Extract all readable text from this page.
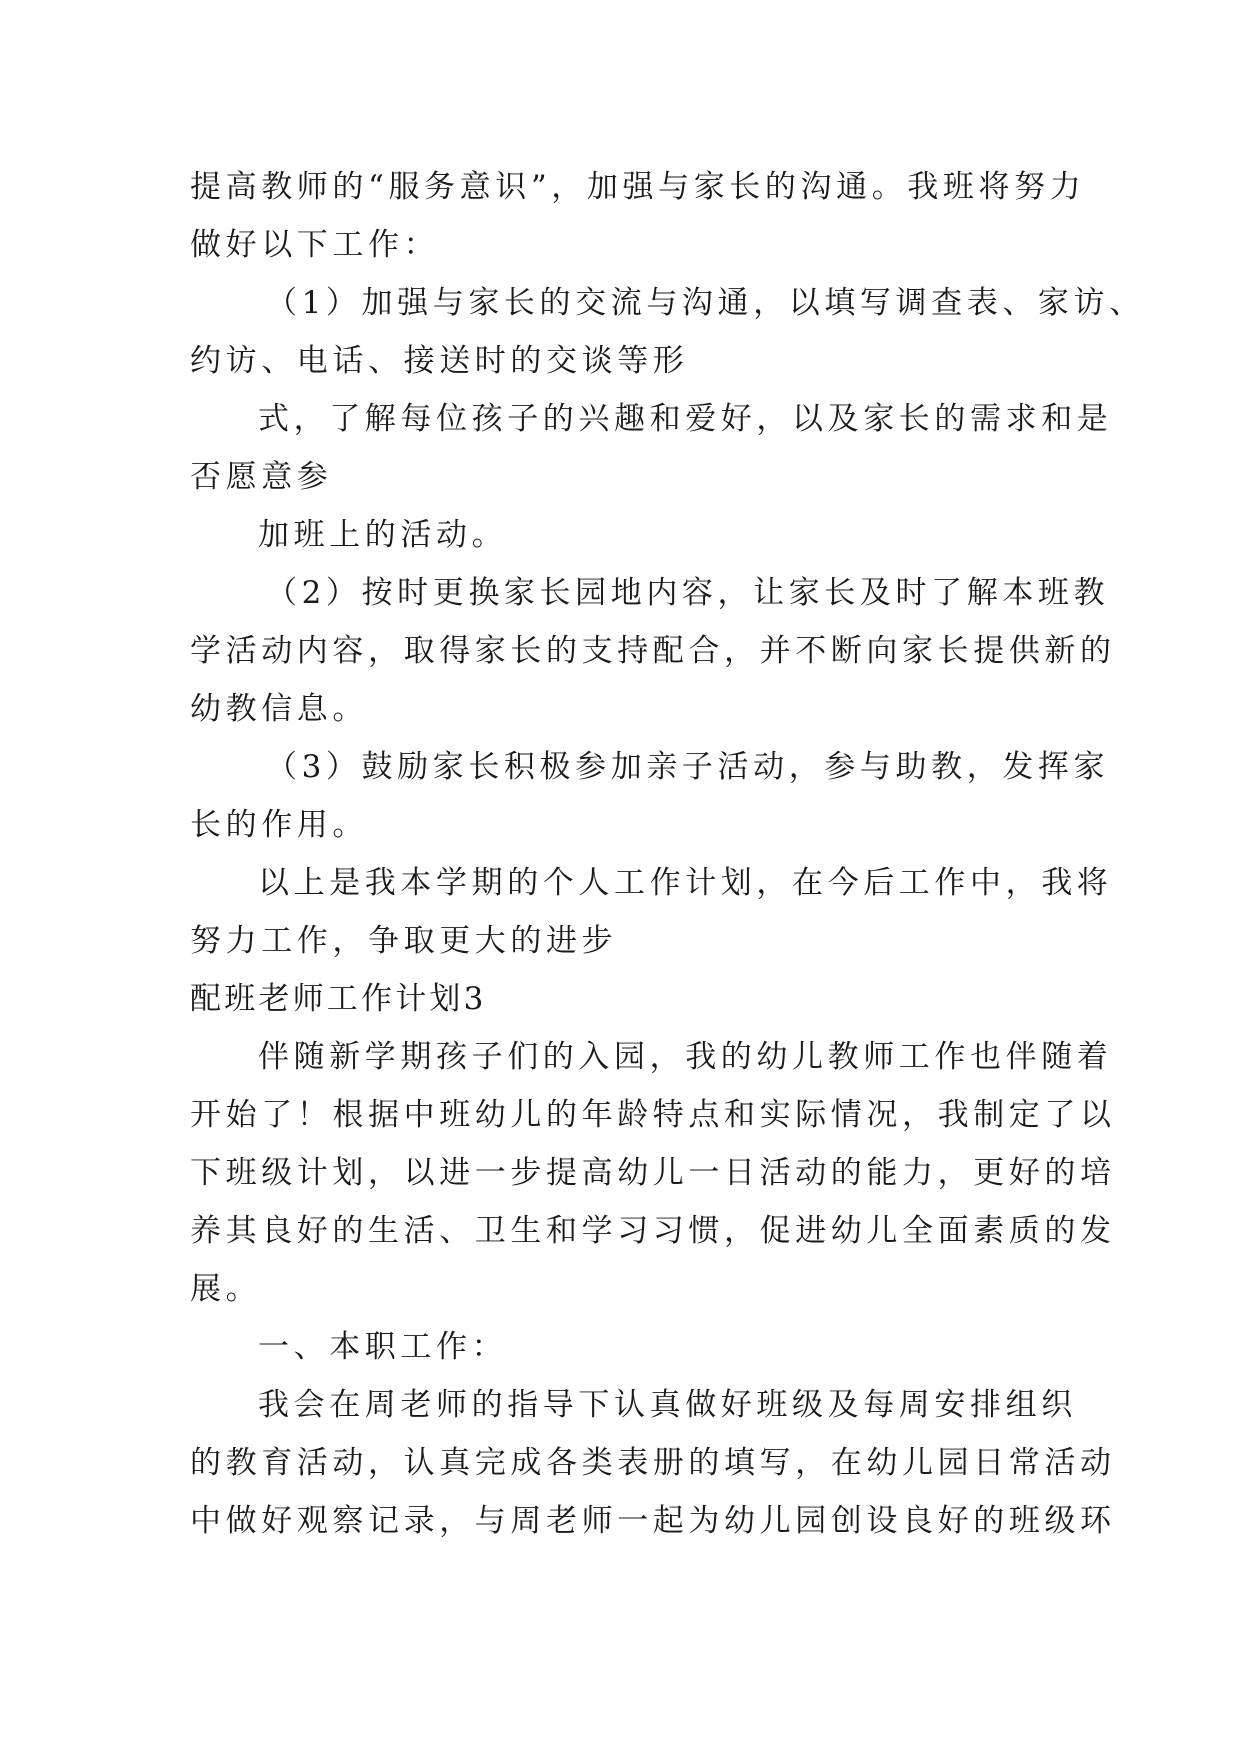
提高教师的“服务意识”，加强与家长的沟通。我班将努力
做好以下工作：
（1）加强与家长的交流与沟通，以填写调查表、家访、
约访、电话、接送时的交谈等形
式，了解每位孩子的兴趣和爱好，以及家长的需求和是
否愿意参
加班上的活动。
（2）按时更换家长园地内容，让家长及时了解本班教
学活动内容，取得家长的支持配合，并不断向家长提供新的
幼教信息。
（3）鼓励家长积极参加亲子活动，参与助教，发挥家
长的作用。
以上是我本学期的个人工作计划，在今后工作中，我将
努力工作，争取更大的进步
配班老师工作计划3
伴随新学期孩子们的入园，我的幼儿教师工作也伴随着
开始了！根据中班幼儿的年龄特点和实际情况，我制定了以
下班级计划，以进一步提高幼儿一日活动的能力，更好的培
养其良好的生活、卫生和学习习惯，促进幼儿全面素质的发
展。
一、本职工作：
我会在周老师的指导下认真做好班级及每周安排组织
的教育活动，认真完成各类表册的填写，在幼儿园日常活动
中做好观察记录，与周老师一起为幼儿园创设良好的班级环
